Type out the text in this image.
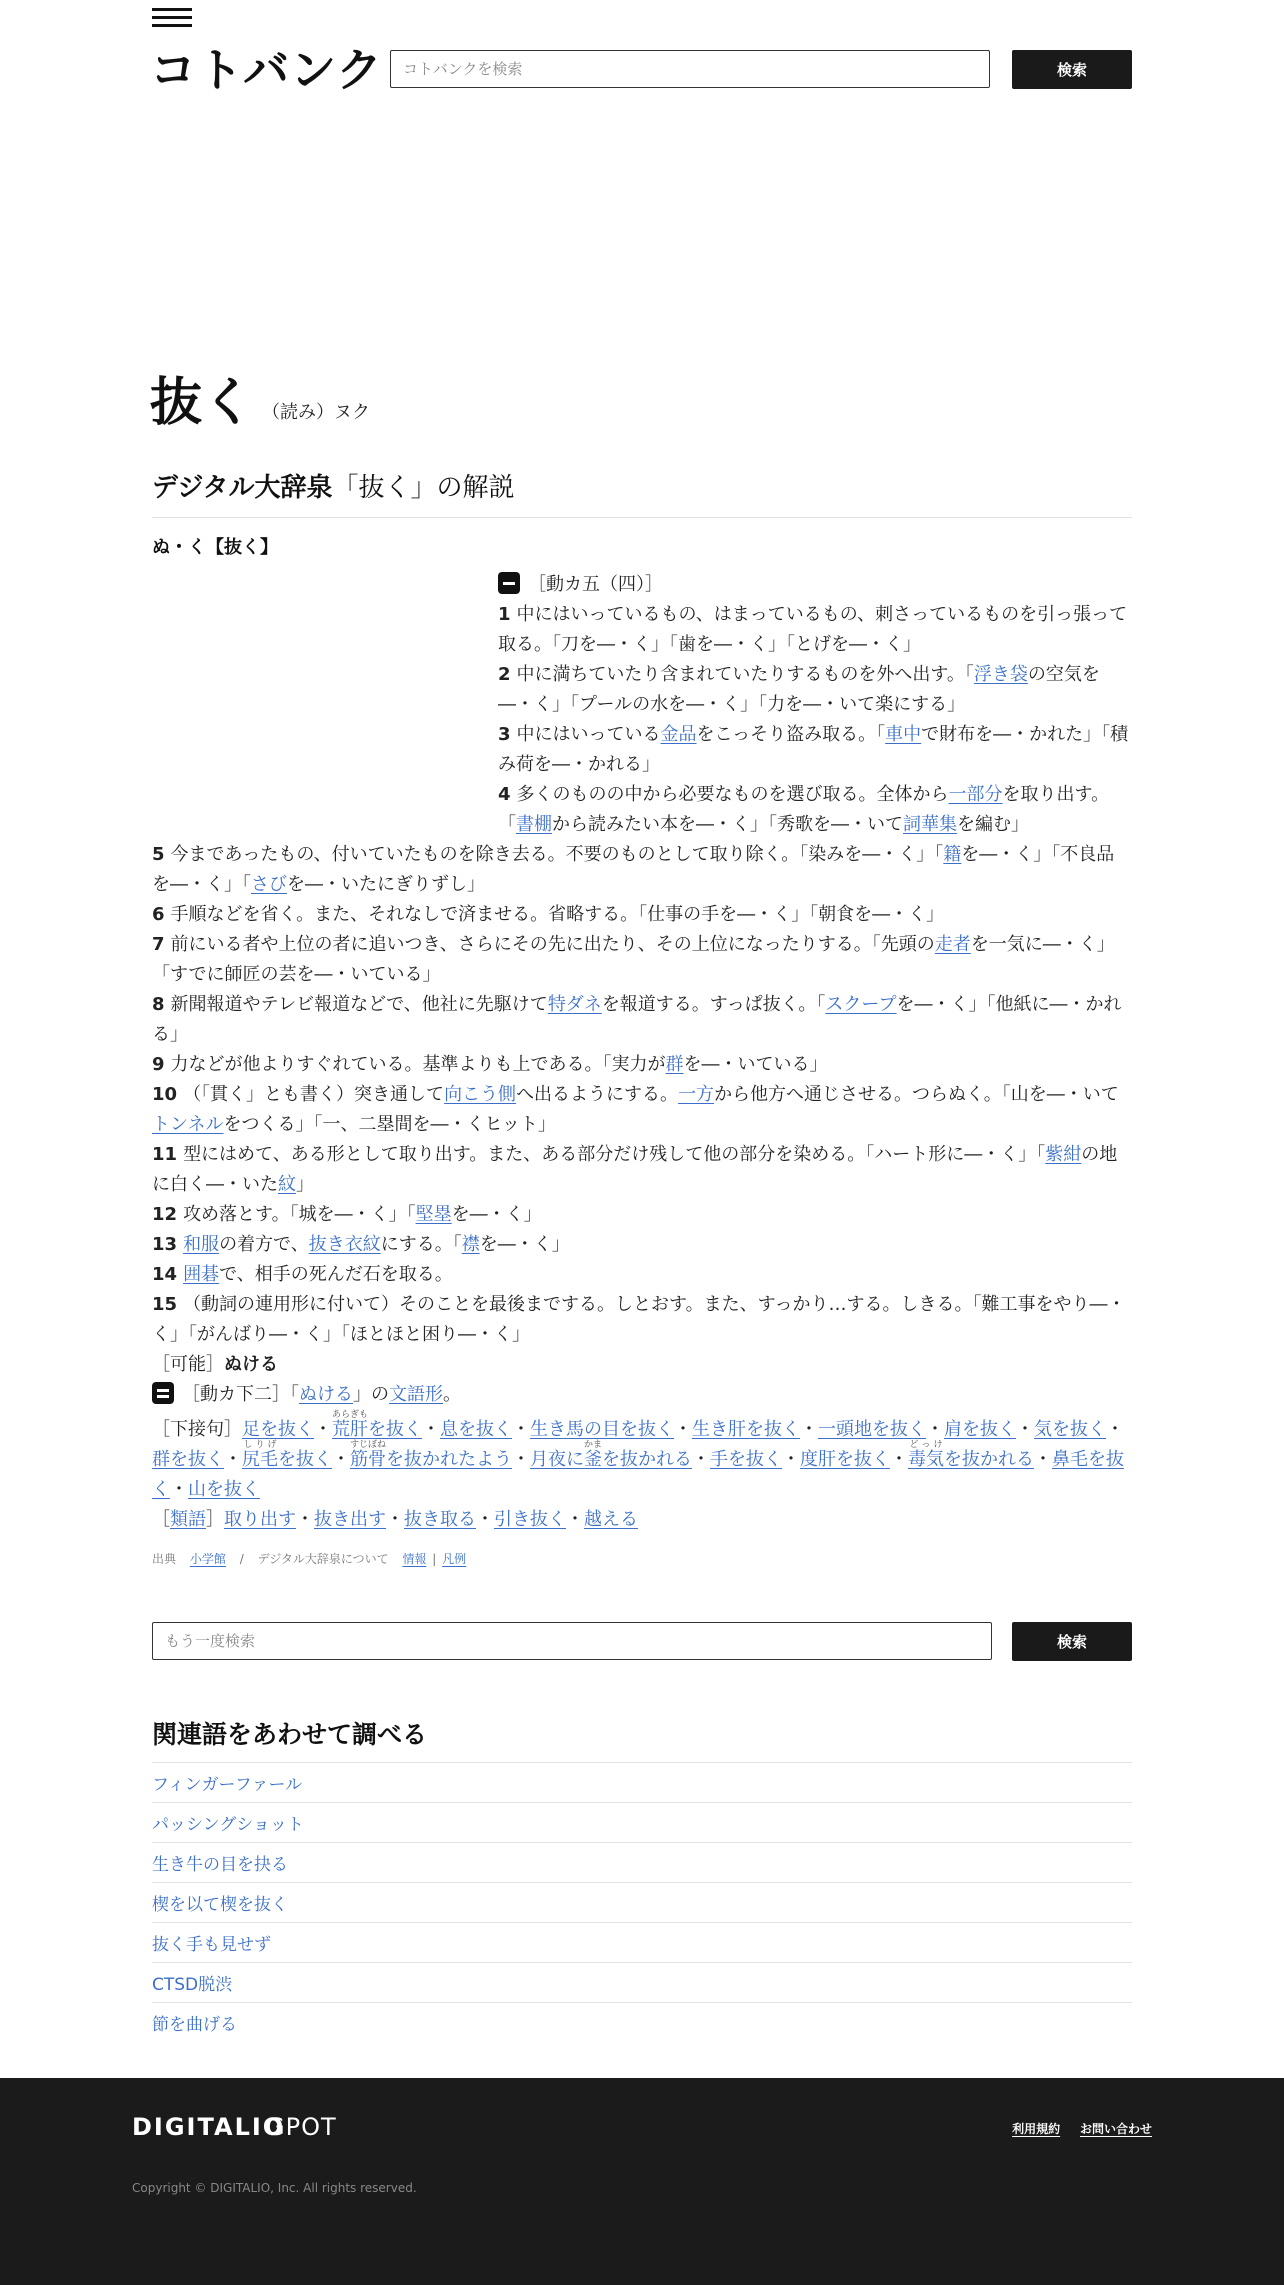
コトバンク
コトバンクを検索	検索
抜く （読み）ヌク
デジタル大辞泉「抜く」の解説
ぬ・く【抜く】

［動カ五（四）］

1 中にはいっているもの、はまっているもの、刺さっているものを引っ張って取る。「刀を―・く」「歯を―・く」「とげを―・く」

2 中に満ちていたり含まれていたりするものを外へ出す。「浮き袋の空気を―・く」「プールの水を―・く」「力を―・いて楽にする」

3 中にはいっている金品をこっそり盗み取る。「車中で財布を―・かれた」「積み荷を―・かれる」

4 多くのものの中から必要なものを選び取る。全体から一部分を取り出す。「書棚から読みたい本を―・く」「秀歌を―・いて詞華集を編む」

5 今まであったもの、付いていたものを除き去る。不要のものとして取り除く。「染みを―・く」「籍を―・く」「不良品を―・く」「さびを―・いたにぎりずし」

6 手順などを省く。また、それなしで済ませる。省略する。「仕事の手を―・く」「朝食を―・く」

7 前にいる者や上位の者に追いつき、さらにその先に出たり、その上位になったりする。「先頭の走者を一気に―・く」「すでに師匠の芸を―・いている」

8 新聞報道やテレビ報道などで、他社に先駆けて特ダネを報道する。すっぱ抜く。「スクープを―・く」「他紙に―・かれる」

9 力などが他よりすぐれている。基準よりも上である。「実力が群を―・いている」

10 （「貫く」とも書く）突き通して向こう側へ出るようにする。一方から他方へ通じさせる。つらぬく。「山を―・いてトンネルをつくる」「一、二塁間を―・くヒット」

11 型にはめて、ある形として取り出す。また、ある部分だけ残して他の部分を染める。「ハート形に―・く」「紫紺の地に白く―・いた紋」

12 攻め落とす。「城を―・く」「堅塁を―・く」

13 和服の着方で、抜き衣紋にする。「襟を―・く」

14 囲碁で、相手の死んだ石を取る。

15 （動詞の連用形に付いて）そのことを最後までする。しとおす。また、すっかり…する。しきる。「難工事をやり―・く」「がんばり―・く」「ほとほと困り―・く」

［可能］ぬける

［動カ下二］「ぬける」の文語形。

［下接句］足を抜く・荒肝あらぎもを抜く・息を抜く・生き馬の目を抜く・生き肝を抜く・一頭地を抜く・肩を抜く・気を抜く・群を抜く・尻毛しりげを抜く・筋骨すじぼねを抜かれたよう・月夜に釜かまを抜かれる・手を抜く・度肝を抜く・毒気どっけを抜かれる・鼻毛を抜く・山を抜く

［類語］取り出す・抜き出す・抜き取る・引き抜く・越える

出典 小学館 / デジタル大辞泉について 情報 | 凡例
もう一度検索
検索
関連語をあわせて調べる
フィンガーファール
パッシングショット
生き牛の目を抉る
楔を以て楔を抜く
抜く手も見せず
CTSD脱渋
節を曲げる
DIGITALIO
GPOT	利用規約 お問い合わせ
Copyright © DIGITALIO, Inc. All rights reserved.
